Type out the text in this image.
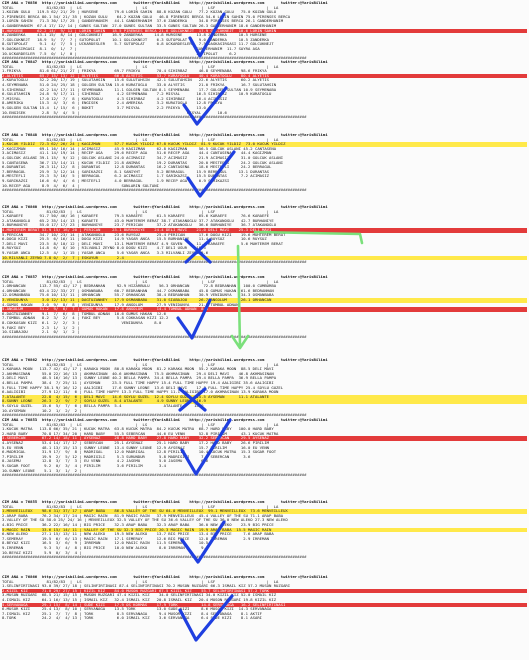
CIM ANA = 76856  http://yarisbilimi.wordpress.com       twitter:@YarisBilimi    http://yarisbilimi.wordpress.com       twitter:@YarisBilimi
TOTAL              81/82/83  |  LS                       |  LS                       |  LSF                      |  LA
1.KOZAN GULU   119.5 62/ 21/ 29 | HURSENE       79.6 LORIN SAHIN  88.8 KOZAN GULU   77.2 KOZAN GULU   75.0 KOZAN GULU
2.PIRENSES BERCA 80.1 54/ 21/ 35 | KOZAN GULU    64.2 KOZAN GULU   46.8 PIRENSES BERCA 54.6 LORIN SAHIN 75.0 PIRENSES BERCA
3.LORIN SAHIN   71.3 30/ 17/ 25 | GANDERHANIM   44.1 GANDERHANIM  37.6 ZANDERKA     34.8 PIRENSES BERCA 26.1 GANDERHANIM
4.GANDERHANIM  67.4 17/ 12/ 14 | GUNES SULTAN  27.0 GUNES SULTAN  33.5 GUNES SULTAN 26.3 GANDERHANIM 18.6 GANDERHANIM
5.HURSENE      62.2 14/  9/ 11 | LORIN SAHIN   18.5 PIRENSES BERCA 21.6 GOLCUKNEJT  17.9 GOLCUKNEJT  10.6 LORIN SAHIN
6.ZANDERKA     43.1 15/  8/ 14 | GOLCUKNEJT    16.9 ZANDERKA     14.8 HURSENE      13.8 ZANDERKA     10.5 HURSENE
7.GOLCUKNEJT   18.9  5/  7/  7 | SUTOPOLAT     10.1 GOLCUKNEJT    6.3 SUTOPOLAT     9.0 ZANDERKA     10.5 ZANDERKA
8.SUTOPOLAT     9.1  4/  7/  5 | UCKARDESLER    5.7 SUTOPOLAT     0.8 UCKARDESLER   7.5 DAGKASIRGASI 11.7 GOLCUKNEJT
9.DAGKASIRGASI  8.1  0/  1/  7 |                                                   GANDERHANIM  11.7 SAYRA AGA
10.UCKARDESLER  7.5  0/  1/  0 |                                                   ZATIPOLAT     6.2
##################################################################################################################################
CIM ANA = 76847  http://yarisbilimi.wordpress.com       twitter:@YarisBilimi    http://yarisbilimi.wordpress.com       twitter:@YarisBilimi
TOTAL              81/82/83  |  LS                       |  LS                       |  LSF                      |  LA
1.FRIKYA        81.6 61/ 21/ 27 | FRIKYA        69.7 FRIKYA       70.4 SIHIRBAZ     46.8 SEYMENABA    98.6 FRIKYA
2.ALYETIS       65.7 15/ 13/ 12 | ALYETIS       66.8 ALYETIS      53.7 KURAYOGLU    40.4 KURATOGLU    80.4 ALYETIS
3.KURATOGLU     52.2 20/ 17/ 19 | SULUTAHSIN    15.6 SULUTAHSIN   42.1 SULUTAHSIN   22.6 ALYETIS      60.2 ALYETIS
4.SEYMENABA     51.0 24/ 25/ 18 | GOLGEN SULTAN 15.6 KURATOGLU    33.0 ALYETIS      21.0 FRIKYA       16.7 SULUTAHSIN
5.SIHIRBAZ      42.2 14/ 17/ 11 | SEYMENABA     11.1 GOLGEN SULTAN 8.1 SEYMENABA    17.7 GOLGEN SULTAN 10.9 SEYMENABA
6.SULUTAHSIN    24.8  9/ 17/ 11 | SIHIRBAZ       4.2 SEYMENABA    7.2 MISYAL       16.5 SIHIRBAZ     10.9 KURATOGLU
7.MISYAL        17.0 12/  7/  8 | KURATOGLU      4.3 SIHIRBAZ     4.2 SIHIRBAZ     16.4 ACIMASIZ
8.AMERIKA       15.3  4/  3/  6 | ENGISEK        2.4 AMERIKA      3.2 KURATOGLU    12.8 FRIKYA
9.GOLGEN SULTAN 15.4  1/ 15/  6 | BOKET          3.7 MISYAL       2.2 FRIKYA       13.0
10.ENGISEK       2.8  5/  4/  5 |                                              MISYAL       10.6
##################################################################################################################################
CIM ANA = 76848  http://yarisbilimi.wordpress.com       twitter:@YarisBilimi    http://yarisbilimi.wordpress.com       twitter:@YarisBilimi
TOTAL              81/82/83  |  LS                       |  LS                       |  LSF                      |  LA
1.KUCUK YILDIZ  72.3 62/ 26/ 24 | KAGIZMAN      57.7 KUCUK YILDIZ 67.8 KUCUK YILDIZ  81.9 KUCUK YILDIZ  73.0 KUCUK YILDIZ
2.KAGIZMAN      69.1 16/ 16/ 14 | ACIMASIZ      45.9 KAGIZMAN     62.8 KAGIZMAN     56.5 GOLCUK ASLANI 45.2 CANTASENA
3.ACIMASIZ      41.1 14/ 19/ 14 | RECEP AGA     29.6 RECEP AGA    51.6 RECEP AGA    44.4 CANTASENA    44.4 KAGIZMAN
4.GOLCUK ASLANI 39.1 15/  9/ 12 | GOLCUK ASLANI 24.0 ACIMASIZ     34.7 ACIMASIZ     21.9 ACIMASIZ     31.0 GOLCUK ASLANI
5.CANTASENA     36.7 13/ 14/ 11 | KUCUK YILDIZ  21.8 ANIMAS       19.2 DURANTAS     20.0 MESTEFLI     24.2 GOLCUK ASLANI
6.DURANTAS      26.3 11/ 12/  8 | DURANTAS      12.8 DURANTAS     16.2 CANTASENA    18.6 MESTEFLI     24.2 BERRAGUL
7.BERRAGUL      25.9  3/ 12/ 14 | SARIKAZSI     8.1 SANIYHT       5.2 BERRAGUL     15.9 BERRAGUL     13.1 DURANTAS
8.MESTEFLI      25.3  5/ 16/  5 | BERRAGUL      6.2 ACIMASIZ      1.7 SARIKAZSI    15.5 DURANTAS      7.2 ACIMASIZ
9.SARIKAZSI     16.6  6/  4/  6 | MESTEFLI      4.0 BERRAGUL      1.9 RECEP AGA     0.9 SARIKAZSI
10.RECEP AGA     8.9  4/  6/  4 |                  SUNLARIN SULTANI
##################################################################################################################################
CIM ANA = 76860  http://yarisbilimi.wordpress.com       twitter:@YarisBilimi    http://yarisbilimi.wordpress.com       twitter:@YarisBilimi
TOTAL              81/82/83  |  LS                       |  LS                       |  LSF                      |  LA
1.KARAEFE       91.7 50/ 46/ 16 | KARAEFE       79.5 KARAEFE      61.5 KARAEFE      65.6 KARAEFE      76.6 KARAEFE
2.ATAKANOGLU    65.2 35/ 14/ 13 | KARAETE       43.0 MUHTEREM BERAT 38.7 ATAKANOGLU 37.7 ATAKANOGLU   42.7 BURHANIYE
3.BURHANIYE     55.0 17/ 17/ 23 | BURHANIYE     23.7 PERICAN      37.2 ATAKANOGLU   36.6 BURHANIYE    36.7 ATAKANOGLU
4.MUHTEREM BERAT 53.9 15/ 16/ 20 | PERICAN     23.1 BURHANIYE    24.4 DELI MAVI    21.0 DELI MAVI    25.3 DELI MAVI
5.PERICAN       34.7 10/ 23/ 14 | ATAKANOGLU    23.6 RUYSUZ       25.4 PERICAN      17.6 DOGU KIZI    19.6 MUHTEREM BERAT
6.DOGU KIZI     25.5  6/ 16/ 11 | DOGU KIZI     14.9 YASAR ANCA   15.5 BURHANIYE    11.4 RUYSUZ       10.6 RUYSUZ
7.DELI MAVI     23.5  8/ 10/ 12 | DELI MAVI     13.1 MUHTEREM BERAT 4.9 SUVEN      11.4 KARAEFE       5.6 MUHTEREM BERAT
8.RUYSUZ        14.8  6/  8/ 10 | RILVANLI ZEYNO 8.0 DOGU KIZI    4.7 DELI UGUR    15.5
9.YASAR ANCA    12.5  4/  1/ 15 | YASAR ANCA     5.6 YASAR ANCA   3.3 RILVANLI ZEYNO 5.6
10.RILVANLI ZEYNO 7.8 0/  2/  7 | ESKUYUR        2.4
##################################################################################################################################
CIM ANA = 76857  http://yarisbilimi.wordpress.com       twitter:@YarisBilimi    http://yarisbilimi.wordpress.com       twitter:@YarisBilimi
TOTAL              81/82/83  |  LS                       |  LS                       |  LSF                      |  LA
1.ORHANCAN      113.7 55/ 42/ 17 | BEDRANHAN     92.9 HIZARBULU    56.3 ORHANCAN      72.8 BEDRANHAN   100.0 CUMBURBA
4.ORHANCAN      63.4 22/ 33/ 27 | OSMANBABA     60.7 BEDRANHAN    44.7 OSMANBABA    45.8 GUMUS HAKAN  61.6 BEDRANHAN
12.OSMANBABA    75.6 10/ 13/ 11 | ORHANCAN      55.7 ORHANCAN     38.4 BEDRANHAN    30.9 VENIDUNYA    34.3 OSMANBABA
3.VENIDUNYA      3.0 12/ 13/ 11 | DAGTUZANNEY   17.9 OSMANBABA    31.0 SIABAJOU     26.7 ANGOLUM      26.1 ORHANCAN
4.GUMUS HAKAN    3.0  9/  8/  8 | VENIDUNYA     17.9 ANGOLUM      27.9 VENIDUNYA    21.5 TOMBUL ADNAN
5.ANGOLUM       51.2  9/  6/  7 | GUMUS HAKAN   17.6 ANGOLUM      14.4 TOMBUL ADNAN  8.6
6.DAGTUZANNEY    9.1  7/  6/  8 | TOMBUL ADNAN  10.6 GUMUS HAKAN  12.6
7.TOMBUL ADNAN   8.2  3/  2/  4 | FAKI BEY       5.8 COKKASAN KIZI 12.2
8.COKKASAN KIZI  6.1  2/  2/  3 |                  VENIDUNYA     8.0
9.FAKI BEY       2.3  1/  1/  2 |
10.SIABAJOU      2.1  0/  1/  2 |
##################################################################################################################################
CIM ANA = 76862  http://yarisbilimi.wordpress.com       twitter:@YarisBilimi    http://yarisbilimi.wordpress.com       twitter:@YarisBilimi
TOTAL              81/82/83  |  LS                       |  LS                       |  LSF                      |  LA
1.KARAKA MOON   113.7 42/ 42/ 17 | KARAKA MOON  80.8 KARAKA MOON  81.2 KARAKA MOON  55.2 KARAKA MOON  88.5 DELI MAVI
2.AKHMASINAN     55.0 22/ 16/ 13 | AKHMASINAN  40.6 AKHMASINAN   75.5 AKHMASINAN   29.4 DELI MAVI    46.8 AKHMASINAN
3.DELI MAVI      48.5 16/ 16/ 13 | SUNNY LEONE 40.2 BELLA PAMPA  34.4 BELLA PAMPA  29.4 BELLA PAMPA  36.9 BELLA PAMPA
4.BELLA PAMPA    38.4  7/ 25/ 11 | AYSEMAN     23.5 FULL TIME HAPPY 15.4 FULL TIME HAPPY 19.4 AALIGIBI 35.6 AALIGIBI
5.FULL TIME HAPPY 38.1 9/ 16/ 12 | AALIGIBI    17.6 SUNNY LEONE  13.6 DELI MAVI    17.8 FULL TIME HAPPY 25.4 SOYLU GUZEL
6.AALIGIBI       27.9 12/ 11/  6 | FULL TIME HAPPY 13.3 FULL TIME HAPPY 11.1 AALIGIBI 17.0 AKHMASINAN 13.9 KARAKA MOON
7.ATALANTE       22.8  4/ 15/  6 | DELI MAVI   14.6 SOYLU GUZEL  12.4 SOYLU GUZEL  15.5 AYSEMAN      11.1 ATALANTE
8.SUNNY LEONE    26.3  2/  9/  7 | SOYLU GUZEL  8.4 ATALANTE      4.9 SUNNY LEONE  16.9
9.SOYLU GUZEL    15.6  5/  7/  6 | BELLA PAMPA  5.4                  ATALANTE     14.0
10.AYSEMAN       10.2  1/  2/  2 |
##################################################################################################################################
CIM ANA = 76853  http://yarisbilimi.wordpress.com       twitter:@YarisBilimi    http://yarisbilimi.wordpress.com       twitter:@YarisBilimi
TOTAL              81/82/83  |  LS                       |  LS                       |  LSF                      |  LA
1.KUCUK MATRA   113.8 66/ 35/ 21 | KUCUK MATRA  63.8 KUCUK MATRA  84.2 KUCUK MATRA  68.7 HARD BABY   100.0 HARD BABY
2.HARD BABY      70.8 17/ 34/ 20 | HARD BABY    55.5 SEBERCAN     44.6 EU VENN      52.8 PIRILIM      43.1 KUCUK MATRA
3.SEBERCAN       67.2 14/ 18/ 11 | AYSENAZ      28.8 HARD BABY    27.8 HARD BABY    32.2 SEBERCAN     29.5 AYSENAZ
4.AYSENAZ        53.4 14/ 17/ 17 | SEBERCAN     25.1 AYSENAZ      25.1 HARD BABY    17.2 HARD BABY    26.6 PIRILIM
5.EU VENN        48.1 13/ 15/ 13 | SUNNY LEONE  13.4 SUNNY LEONE  12.9 AYSENAZ      15.7 PIRILIM      16.0 EU VENN
6.MADRIGAL       31.9 17/  9/  8 | MADRIGAL     12.0 MADRIGAL     12.8 PIRILIM      10.4 KUCUK MATRA  15.3 SUGAR FOOT
7.PIRILIM        19.9  2/  5/ 12 | MADRIGILI     5.3 SURUNDUR      5.8 MADRIGILI     7.6 SEBERCAN      3.6
8.JASEMU         12.8  3/  7/  3 | EU VENN       4.2 JASEMU        5.0 JASEMU        6.6
9.SUGAR FOOT      9.2  0/  3/  4 | PIRILIM       3.6 PIRILIM       3.4
10.SUNNY LEONE    5.1  3/  1/  2 |
##################################################################################################################################
CIM ANA = 76855  http://yarisbilimi.wordpress.com       twitter:@YarisBilimi    http://yarisbilimi.wordpress.com       twitter:@YarisBilimi
TOTAL              81/82/83  |  LS                       |  LS                       |  LSF                      |  LA
1.MENVEILLEUX    98.6 31/ 37/ 17 | ARAP BABA    86.8 VALLEY OF THE SU 64.0 MENVEILLEUX  99.1 MENVEILLEUX  73.6 MENVEILLEUX
2.ARAP BABA      76.2 34/ 17/ 24 | MAGIC RAIN   81.9 MAGIC RAIN   37.9 MENVEILLEUX  45.4 VALLEY OF THE SU 71.1 ARAP BABA
3.VALLEY OF THE SU 58.0 25/ 24/ 16 | MENVEILLEUX 32.5 VALLEY OF THE SU 36.6 VALLEY OF THE SU 36.0 NEW ALEKO 27.3 NEW ALEKO
4.BIG PRICE      36.2 22/ 16/ 14 | BIG PRICE    32.3 ARAP BABA    32.3 ARAP BABA    36.0 NEW ALEKO    23.9 BIG PRICE
5.MAGIC RAIN     33.6 15/ 14/ 11 | VALLEY OF THE SU 32.3 BIG PRICE 20.3 MAGIC RAIN  19.9 ARAP BABA  15.5 MAGIC RAIN
6.NEW ALEKO      27.1 15/ 13/ 11 | NEW ALEKO    19.5 NEW ALEKO    13.7 BIG PRICE    13.4 BIG PRICE     7.6 ARAP BABA
7.SEMERAY        19.5  6/  6/ 13 | MAGIC RAIN   17.1 SEMERAY      12.6 BIG PRICE    12.8 IRREMAN       2.9 IRREMAN
8.BEYAZ KIZI     16.5  3/  6/  9 | IRREMAN      12.0 MAGIC RAIN   11.5 SEMERAY      10.5
9.IRREMAN         9.3  5/  4/  8 | BIG PRICE    10.0 NEW ALEKO     8.6 IRREMAN       9.6
10.BEYAZ KIZI     5.9  0/  3/  4 |
##################################################################################################################################
CIM ANA = 76866  http://yarisbilimi.wordpress.com       twitter:@YarisBilimi    http://yarisbilimi.wordpress.com       twitter:@YarisBilimi
TOTAL              81/82/83  |  LS                       |  LS                       |  LSF                      |  LA
1.SELINFIRTINASI 93.0 39/ 27/ 18 | SELINFIRTINASI 87.4 SELINFIRTINASI 70.2 MUSON RUZGARI 66.3 ISMAIL KIZ 57.2 MUSON RUZGARI
2.KIZIL KIZ      71.0 29/ 27/ 15 | KIZIL KIZ    84.0 MUSON RUZGARI 67.5 KIZIL KIZ    55.7 SELINFIRTINASI 57.2 TORK
3.MUSON RUZGARI  68.5 21/ 15/ 15 | MUSON RUZGARI 47.4 KIZIL KIZ    34.0 SELINFIRTINASI 34.0 KIZIL KIZ 52.0 ISMAIL KIZ
4.ISMAIL KIZ     64.1 16/ 13/ 15 | ISMAIL KIZ   32.4 ISMAIL KIZ   20.8 ISMAIL KIZ   20.4 MUSON RUZGARI 19.8 KIZIL KIZ
5.SERVANAGA      29.1 15/  8/ 14 | SUDE KIZI    17.9 OS KORMAS    17.9 TORK          14.8 SERVANAGA   16.2 SELINFIRTINASI
6.MUSOR KIZI     25.4 13/  8/ 10 | SERVANAGA    13.5 TORK         13.0 SUDE KIZI     8.6 MUSOR KIZI  14.3 SERVANAGA
7.ISMAIL KIZ     25.1  7/  7/  8 | TORK          8.5 SERVANAGA     9.4 MUSOR KIZI    8.4 SERVANAGA    8.1 AKTIF
8.TORK           24.2  4/  4/ 13 | TORK          6.0 ISMAIL KIZ    3.6 SERVANAGA     6.4 SUDE KIZI    8.1 ASARI
